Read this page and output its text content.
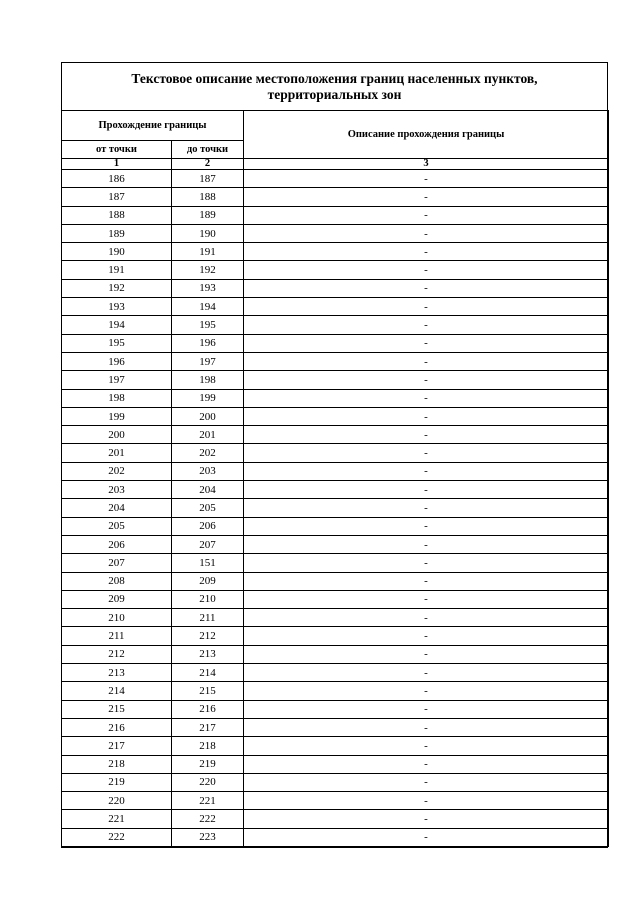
Текстовое описание местоположения границ населенных пунктов,
территориальных зон
Прохождение границы		Описание прохождения границы
от точки	до точки	
1	2	3
186	187	-
187	188	-
188	189	-
189	190	-
190	191	-
191	192	-
192	193	-
193	194	-
194	195	-
195	196	-
196	197	-
197	198	-
198	199	-
199	200	-
200	201	-
201	202	-
202	203	-
203	204	-
204	205	-
205	206	-
206	207	-
207	151	-
208	209	-
209	210	-
210	211	-
211	212	-
212	213	-
213	214	-
214	215	-
215	216	-
216	217	-
217	218	-
218	219	-
219	220	-
220	221	-
221	222	-
222	223	-
